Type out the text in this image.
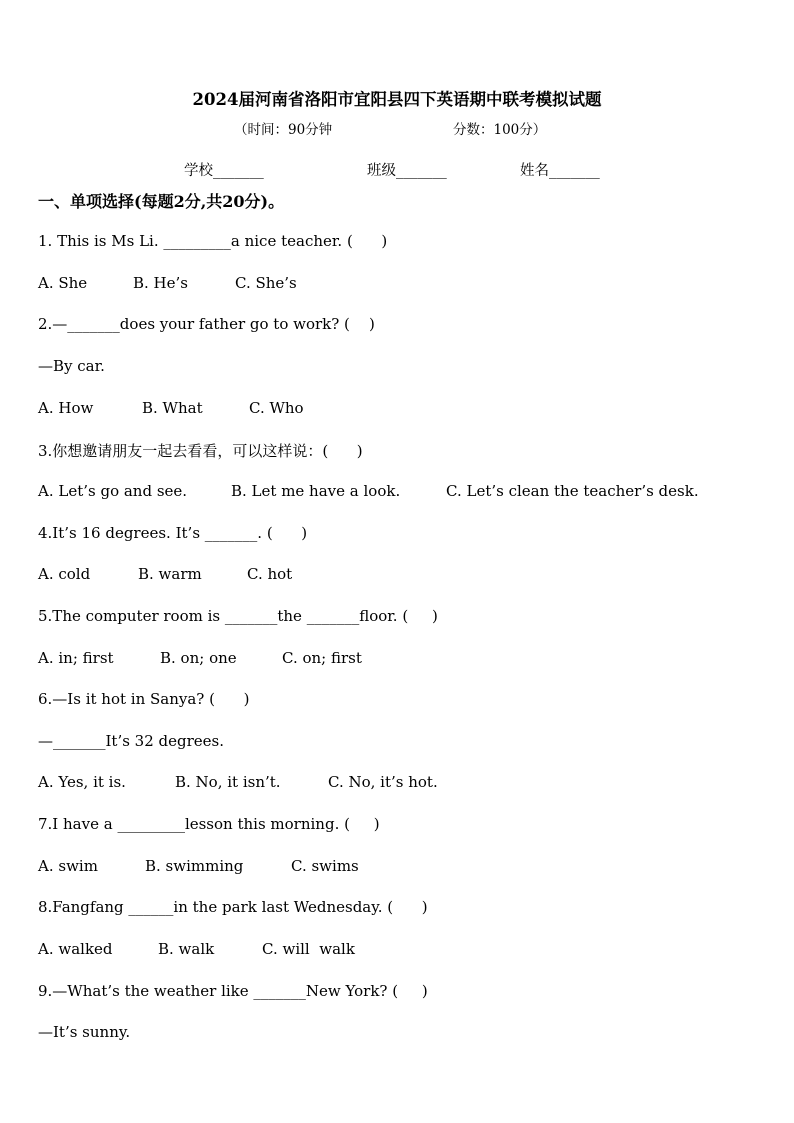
2024届河南省洛阳市宜阳县四下英语期中联考模拟试题
（时间：90分钟	分数：100分）
学校_______	班级_______	姓名_______
一、单项选择(每题2分,共20分)。
1. This is Ms Li. _________a nice teacher. (      )
A. She	B. He’s	C. She’s
2.—_______does your father go to work? (    )
—By car.
A. How	B. What	C. Who
3.你想邀请朋友一起去看看，可以这样说：(      )
A. Let’s go and see.	B. Let me have a look.	C. Let’s clean the teacher’s desk.
4.It’s 16 degrees. It’s _______. (      )
A. cold	B. warm	C. hot
5.The computer room is _______the _______floor. (     )
A. in; first	B. on; one	C. on; first
6.—Is it hot in Sanya? (      )
—_______It’s 32 degrees.
A. Yes, it is.	B. No, it isn’t.	C. No, it’s hot.
7.I have a _________lesson this morning. (     )
A. swim	B. swimming	C. swims
8.Fangfang ______in the park last Wednesday. (      )
A. walked	B. walk	C. will  walk
9.—What’s the weather like _______New York? (     )
—It’s sunny.
